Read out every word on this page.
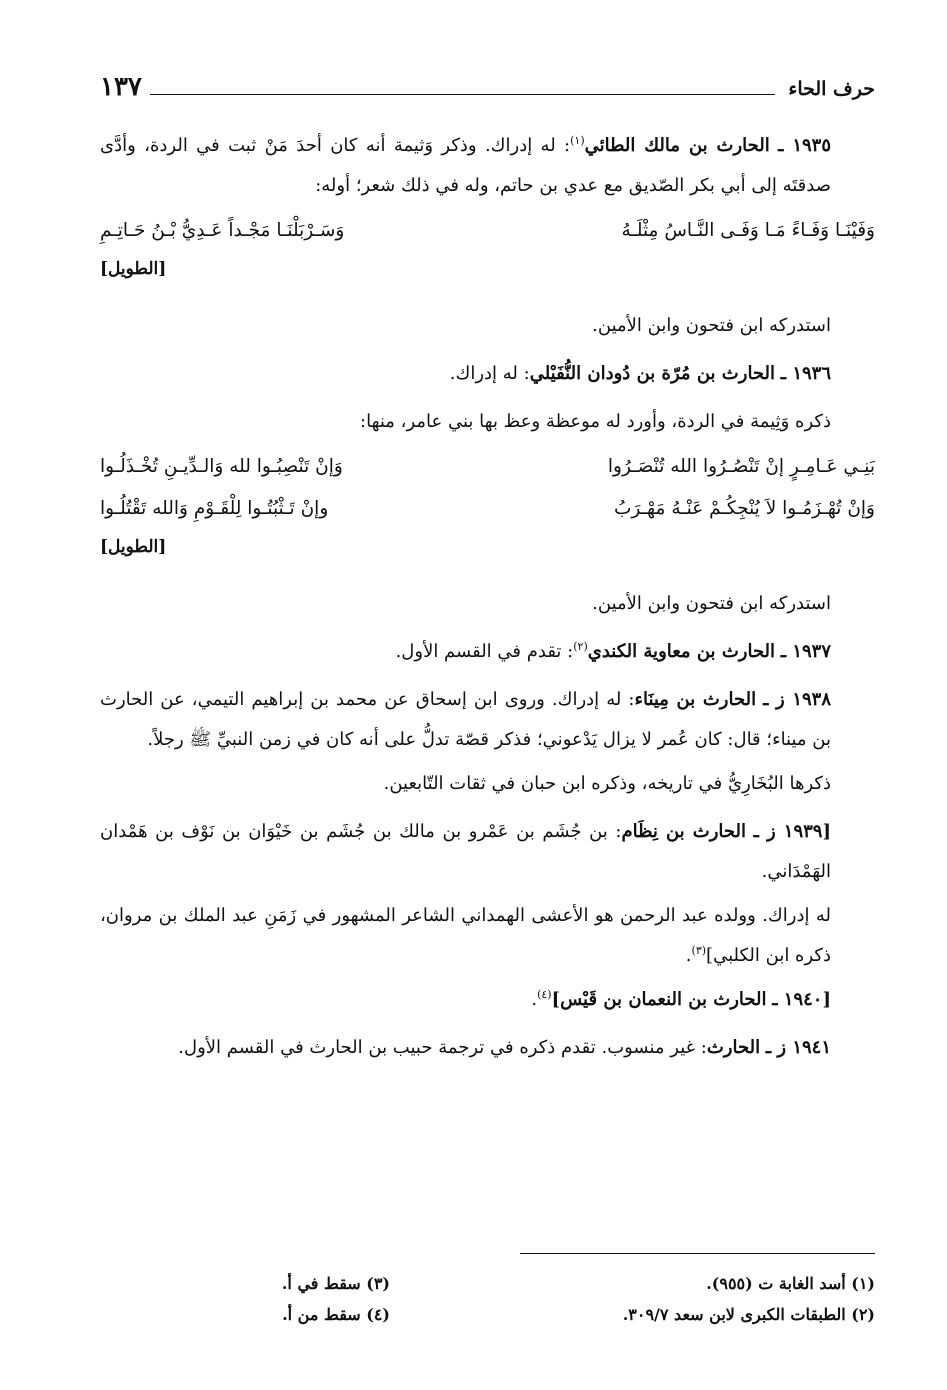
١٣٧	حرف الحاء

١٩٣٥ ـ الحارث بن مالك الطائي$^{(١)}$: له إدراك. وذكر وَثيمة أنه كان أحدَ مَنْ ثبت في الردة، وأدَّى صدقتَه إلى أبي بكر الصّديق مع عدي بن حاتم، وله في ذلك شعر؛ أوله:

وَفَيْنَـا وَفَـاءً مَـا وَفَـى النَّـاسُ مِثْلَـهُ
وَسَـرْبَلْنَـا مَجْـداً عَـدِيُّ بْـنُ حَـاتِـمِ
[الطويل]

استدركه ابن فتحون وابن الأمين.

١٩٣٦ ـ الحارث بن مُرّة بن دُودان النُّفَيْلي: له إدراك.

ذكره وَثِيمة في الردة، وأورد له موعظة وعظ بها بني عامر، منها:

بَنِـي عَـامِـرٍ إنْ تَنْصُـرُوا الله تُنْصَـرُوا
وَإنْ تَنْصِبُـوا لله وَالـدِّيـنِ تُخْـذَلُـوا
وَإنْ تُهْـزَمُـوا لاَ يُنْجِكُـمْ عَنْـهُ مَهْـرَبُ
وإنْ تَـثْبُتُـوا لِلْقَـوْمِ وَالله تَقْتُلُـوا
[الطويل]

استدركه ابن فتحون وابن الأمين.

١٩٣٧ ـ الحارث بن معاوية الكندي$^{(٢)}$: تقدم في القسم الأول.

١٩٣٨ ز ـ الحارث بن مِينَاء: له إدراك. وروى ابن إسحاق عن محمد بن إبراهيم التيمي، عن الحارث بن ميناء؛ قال: كان عُمر لا يزال يَدْعوني؛ فذكر قصّة تدلُّ على أنه كان في زمن النبيِّ ﷺ رجلاً.

ذكرها البُخَارِيُّ في تاريخه، وذكره ابن حبان في ثقات التّابعين.

[١٩٣٩ ز ـ الحارث بن نِظَام: بن جُشَم بن عَمْرو بن مالك بن جُشَم بن خَيْوَان بن نَوْف بن هَمْدان الهَمْدَاني.

له إدراك. وولده عبد الرحمن هو الأعشى الهمداني الشاعر المشهور في زَمَنِ عبد الملك بن مروان، ذكره ابن الكلبي]$^{(٣)}$.

[١٩٤٠ ـ الحارث بن النعمان بن قَيْس]$^{(٤)}$.

١٩٤١ ز ـ الحارث: غير منسوب. تقدم ذكره في ترجمة حبيب بن الحارث في القسم الأول.

(١) أسد الغابة ت (٩٥٥).
(٣) سقط في أ.
(٢) الطبقات الكبرى لابن سعد ٣٠٩/٧.
(٤) سقط من أ.
